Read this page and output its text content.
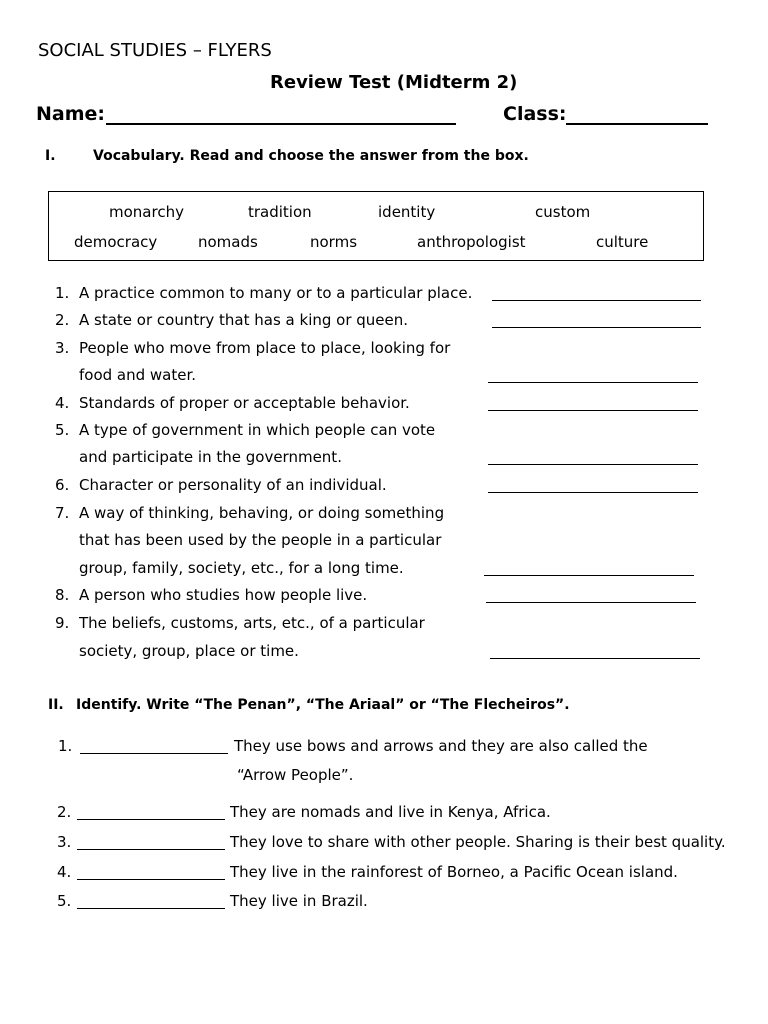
SOCIAL STUDIES – FLYERS
Review Test (Midterm 2)
Name:	Class:
I.	Vocabulary. Read and choose the answer from the box.
monarchy	tradition	identity	custom
democracy	nomads	norms	anthropologist	culture
1. A practice common to many or to a particular place.
2. A state or country that has a king or queen.
3. People who move from place to place, looking for
food and water.
4. Standards of proper or acceptable behavior.
5. A type of government in which people can vote
and participate in the government.
6. Character or personality of an individual.
7. A way of thinking, behaving, or doing something
that has been used by the people in a particular
group, family, society, etc., for a long time.
8. A person who studies how people live.
9. The beliefs, customs, arts, etc., of a particular
society, group, place or time.
II. Identify. Write “The Penan”, “The Ariaal” or “The Flecheiros”.
1.	They use bows and arrows and they are also called the
“Arrow People”.
2.	They are nomads and live in Kenya, Africa.
3.	They love to share with other people. Sharing is their best quality.
4.	They live in the rainforest of Borneo, a Pacific Ocean island.
5.	They live in Brazil.
